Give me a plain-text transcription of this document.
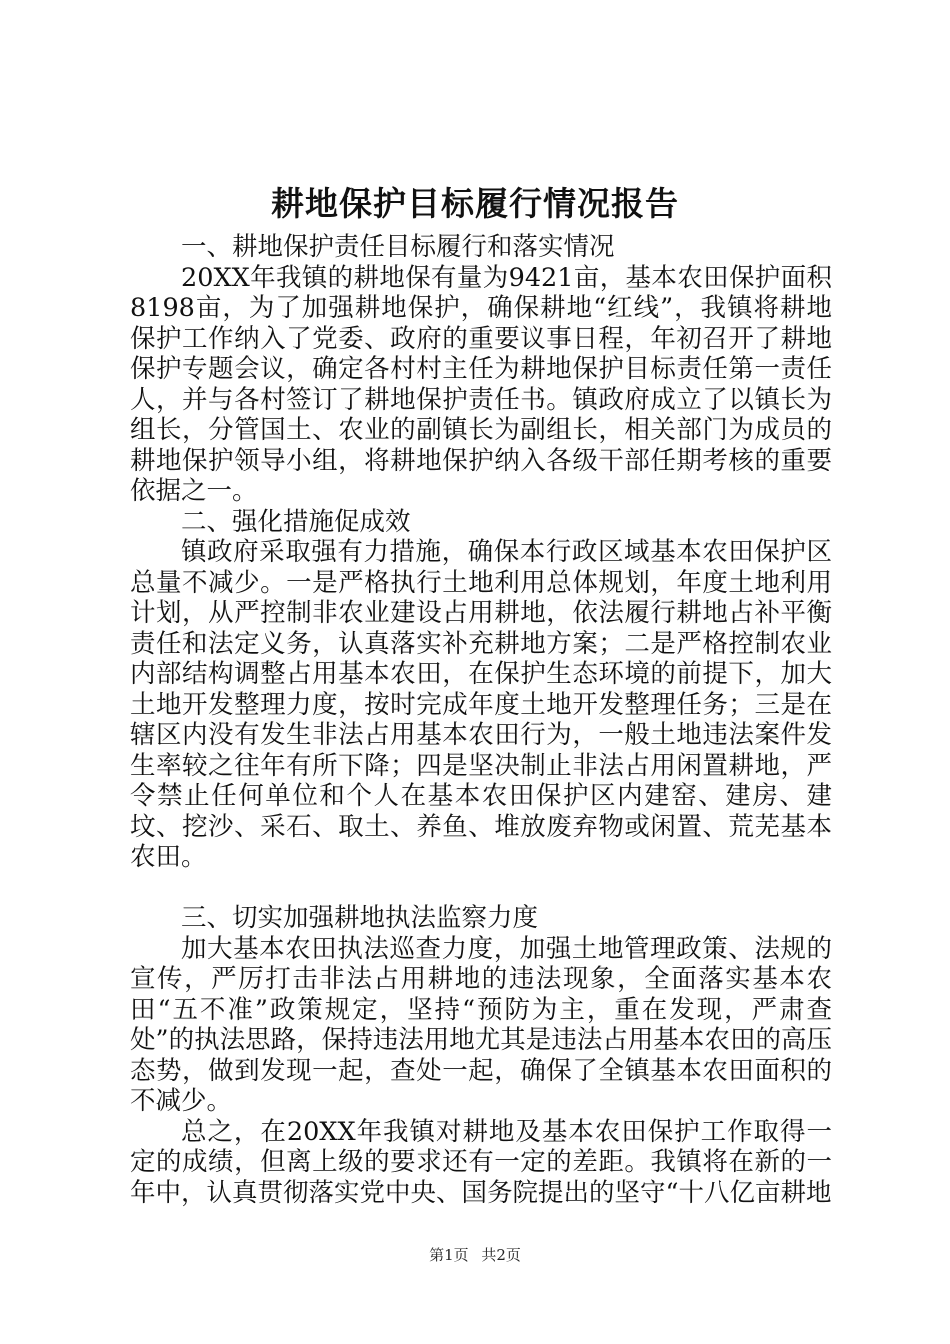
耕地保护目标履行情况报告

一、耕地保护责任目标履行和落实情况

20XX年我镇的耕地保有量为9421亩，基本农田保护面积8198亩，为了加强耕地保护，确保耕地“红线”，我镇将耕地保护工作纳入了党委、政府的重要议事日程，年初召开了耕地保护专题会议，确定各村村主任为耕地保护目标责任第一责任人，并与各村签订了耕地保护责任书。镇政府成立了以镇长为组长，分管国土、农业的副镇长为副组长，相关部门为成员的耕地保护领导小组，将耕地保护纳入各级干部任期考核的重要依据之一。

二、强化措施促成效

镇政府采取强有力措施，确保本行政区域基本农田保护区总量不减少。一是严格执行土地利用总体规划，年度土地利用计划，从严控制非农业建设占用耕地，依法履行耕地占补平衡责任和法定义务，认真落实补充耕地方案；二是严格控制农业内部结构调整占用基本农田，在保护生态环境的前提下，加大土地开发整理力度，按时完成年度土地开发整理任务；三是在辖区内没有发生非法占用基本农田行为，一般土地违法案件发生率较之往年有所下降；四是坚决制止非法占用闲置耕地，严令禁止任何单位和个人在基本农田保护区内建窑、建房、建坟、挖沙、采石、取土、养鱼、堆放废弃物或闲置、荒芜基本农田。

三、切实加强耕地执法监察力度

加大基本农田执法巡查力度，加强土地管理政策、法规的宣传，严厉打击非法占用耕地的违法现象，全面落实基本农田“五不准”政策规定，坚持“预防为主，重在发现，严肃查处”的执法思路，保持违法用地尤其是违法占用基本农田的高压态势，做到发现一起，查处一起，确保了全镇基本农田面积的不减少。

总之，在20XX年我镇对耕地及基本农田保护工作取得一定的成绩，但离上级的要求还有一定的差距。我镇将在新的一年中，认真贯彻落实党中央、国务院提出的坚守“十八亿亩耕地

第1页 共2页
